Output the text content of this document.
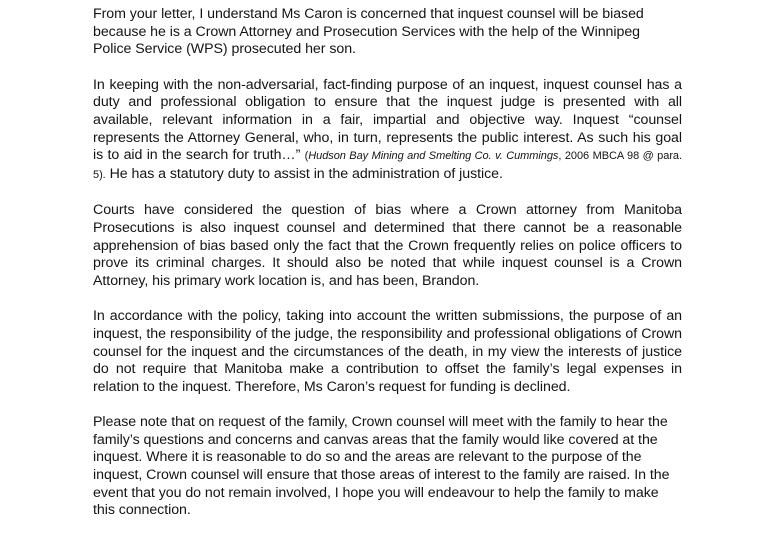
From your letter, I understand Ms Caron is concerned that inquest counsel will be biased because he is a Crown Attorney and Prosecution Services with the help of the Winnipeg Police Service (WPS) prosecuted her son.

In keeping with the non-adversarial, fact-finding purpose of an inquest, inquest counsel has a duty and professional obligation to ensure that the inquest judge is presented with all available, relevant information in a fair, impartial and objective way. Inquest “counsel represents the Attorney General, who, in turn, represents the public interest. As such his goal is to aid in the search for truth…” (Hudson Bay Mining and Smelting Co. v. Cummings, 2006 MBCA 98 @ para. 5). He has a statutory duty to assist in the administration of justice.

Courts have considered the question of bias where a Crown attorney from Manitoba Prosecutions is also inquest counsel and determined that there cannot be a reasonable apprehension of bias based only the fact that the Crown frequently relies on police officers to prove its criminal charges. It should also be noted that while inquest counsel is a Crown Attorney, his primary work location is, and has been, Brandon.

In accordance with the policy, taking into account the written submissions, the purpose of an inquest, the responsibility of the judge, the responsibility and professional obligations of Crown counsel for the inquest and the circumstances of the death, in my view the interests of justice do not require that Manitoba make a contribution to offset the family’s legal expenses in relation to the inquest. Therefore, Ms Caron’s request for funding is declined.

Please note that on request of the family, Crown counsel will meet with the family to hear the family’s questions and concerns and canvas areas that the family would like covered at the inquest. Where it is reasonable to do so and the areas are relevant to the purpose of the inquest, Crown counsel will ensure that those areas of interest to the family are raised. In the event that you do not remain involved, I hope you will endeavour to help the family to make this connection.
